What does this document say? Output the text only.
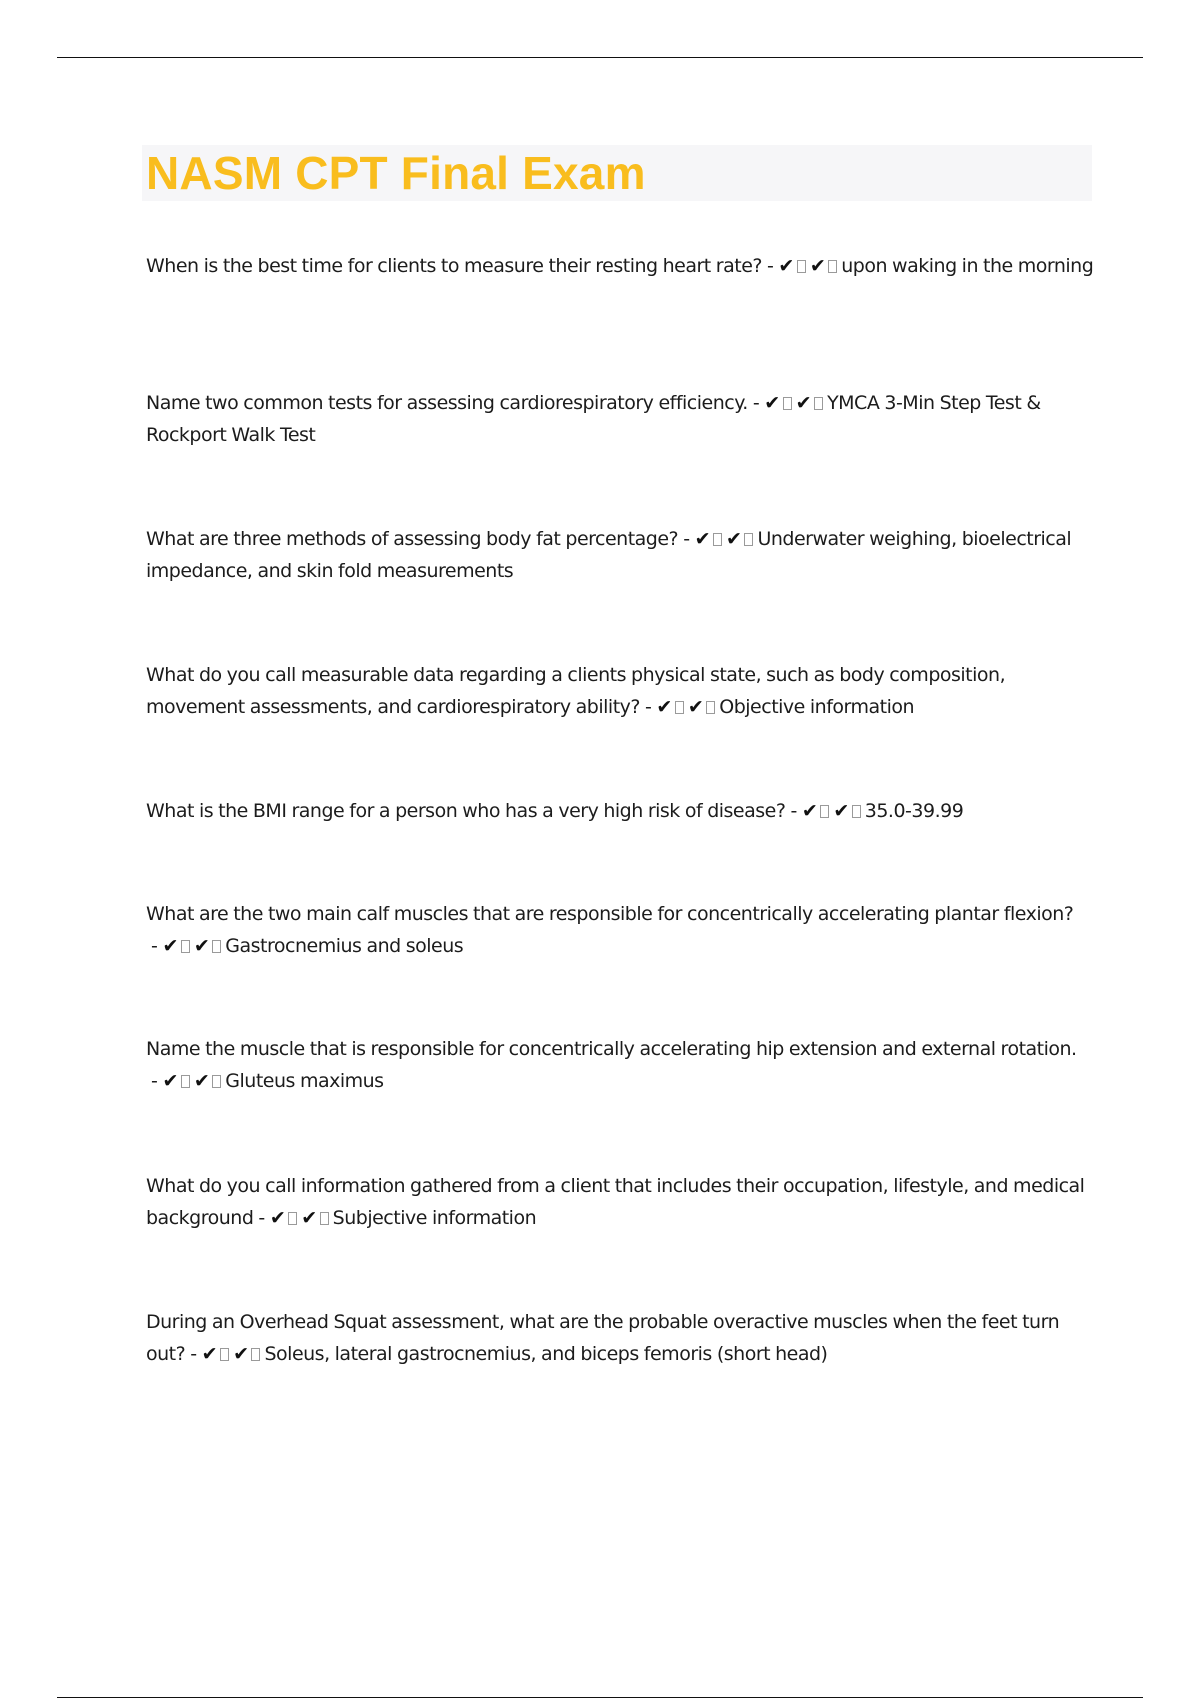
NASM CPT Final Exam

When is the best time for clients to measure their resting heart rate? - ✔ ✔ upon waking in the morning

Name two common tests for assessing cardiorespiratory efficiency. - ✔ ✔ YMCA 3-Min Step Test & Rockport Walk Test

What are three methods of assessing body fat percentage? - ✔ ✔ Underwater weighing, bioelectrical impedance, and skin fold measurements

What do you call measurable data regarding a clients physical state, such as body composition, movement assessments, and cardiorespiratory ability? - ✔ ✔ Objective information

What is the BMI range for a person who has a very high risk of disease? - ✔ ✔ 35.0-39.99

What are the two main calf muscles that are responsible for concentrically accelerating plantar flexion? - ✔ ✔ Gastrocnemius and soleus

Name the muscle that is responsible for concentrically accelerating hip extension and external rotation. - ✔ ✔ Gluteus maximus

What do you call information gathered from a client that includes their occupation, lifestyle, and medical background - ✔ ✔ Subjective information

During an Overhead Squat assessment, what are the probable overactive muscles when the feet turn out? - ✔ ✔ Soleus, lateral gastrocnemius, and biceps femoris (short head)
